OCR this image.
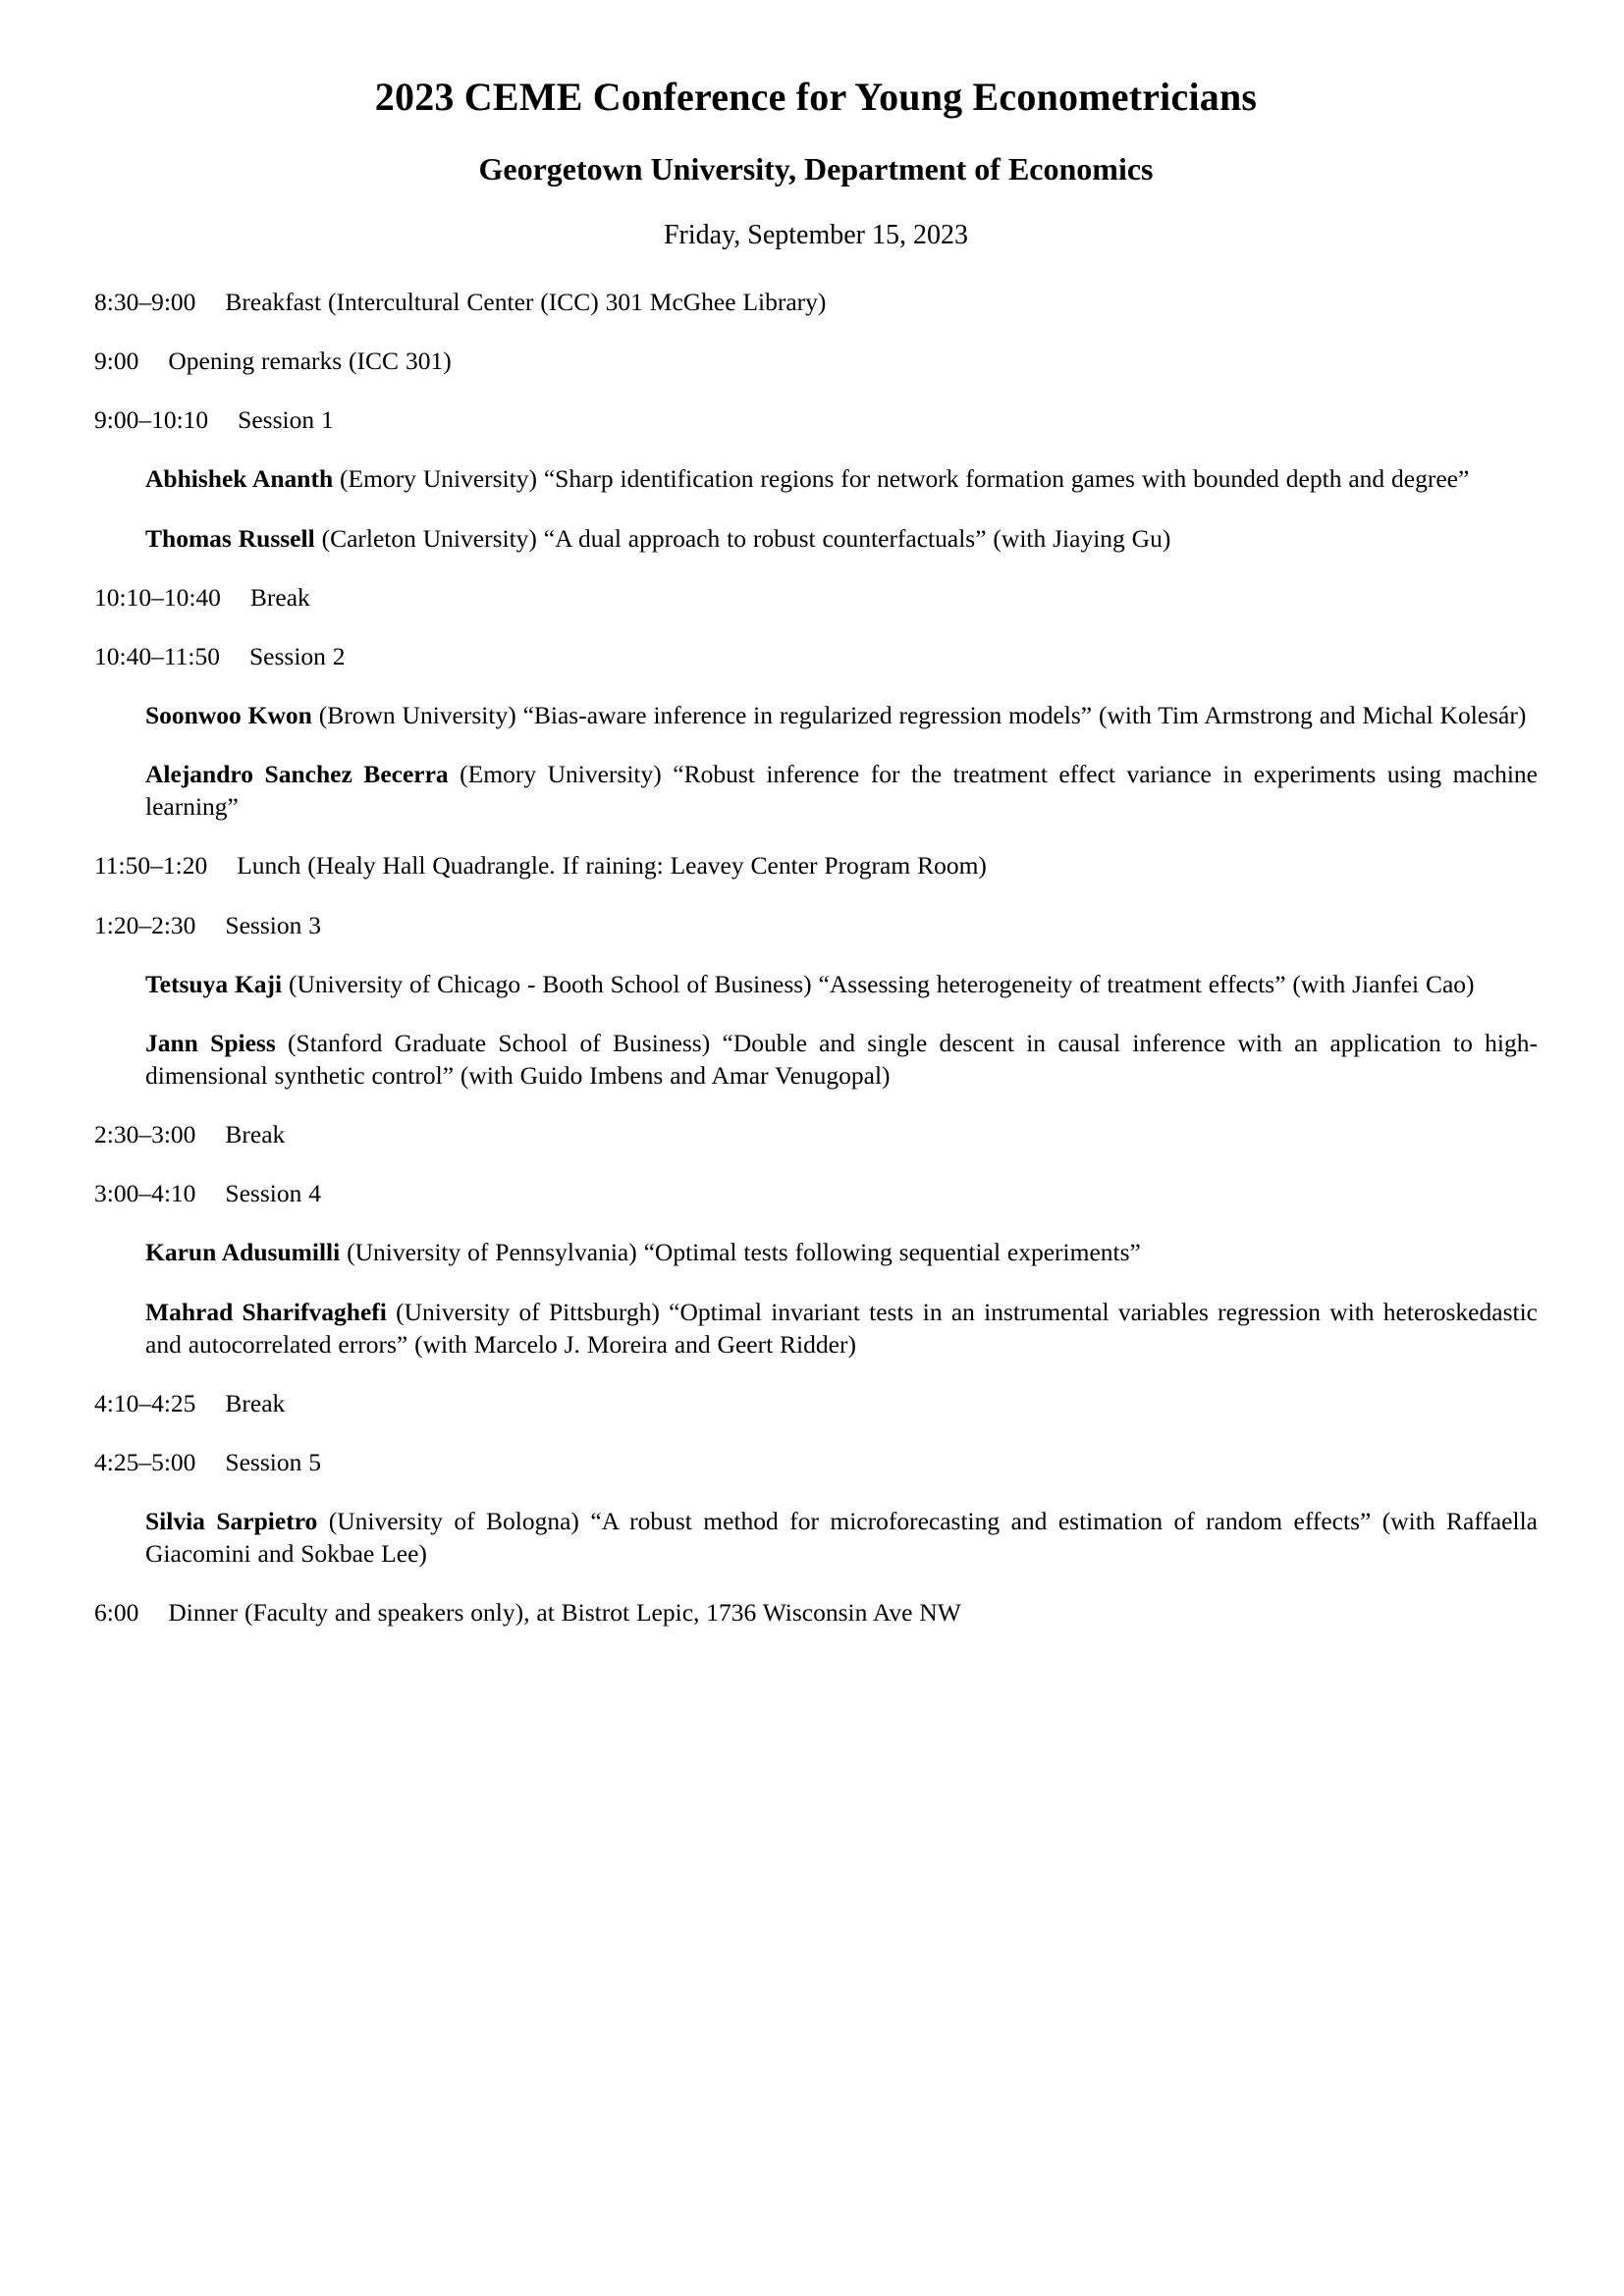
2023 CEME Conference for Young Econometricians
Georgetown University, Department of Economics
Friday, September 15, 2023

8:30–9:00 Breakfast (Intercultural Center (ICC) 301 McGhee Library)

9:00 Opening remarks (ICC 301)

9:00–10:10 Session 1

Abhishek Ananth (Emory University) “Sharp identification regions for network formation games with bounded depth and degree”

Thomas Russell (Carleton University) “A dual approach to robust counterfactuals” (with Jiaying Gu)

10:10–10:40 Break

10:40–11:50 Session 2

Soonwoo Kwon (Brown University) “Bias-aware inference in regularized regression models” (with Tim Armstrong and Michal Kolesár)

Alejandro Sanchez Becerra (Emory University) “Robust inference for the treatment effect variance in experiments using machine learning”

11:50–1:20 Lunch (Healy Hall Quadrangle. If raining: Leavey Center Program Room)

1:20–2:30 Session 3

Tetsuya Kaji (University of Chicago - Booth School of Business) “Assessing heterogeneity of treatment effects” (with Jianfei Cao)

Jann Spiess (Stanford Graduate School of Business) “Double and single descent in causal inference with an application to high-dimensional synthetic control” (with Guido Imbens and Amar Venugopal)

2:30–3:00 Break

3:00–4:10 Session 4

Karun Adusumilli (University of Pennsylvania) “Optimal tests following sequential experiments”

Mahrad Sharifvaghefi (University of Pittsburgh) “Optimal invariant tests in an instrumental variables regression with heteroskedastic and autocorrelated errors” (with Marcelo J. Moreira and Geert Ridder)

4:10–4:25 Break

4:25–5:00 Session 5

Silvia Sarpietro (University of Bologna) “A robust method for microforecasting and estimation of random effects” (with Raffaella Giacomini and Sokbae Lee)

6:00 Dinner (Faculty and speakers only), at Bistrot Lepic, 1736 Wisconsin Ave NW
